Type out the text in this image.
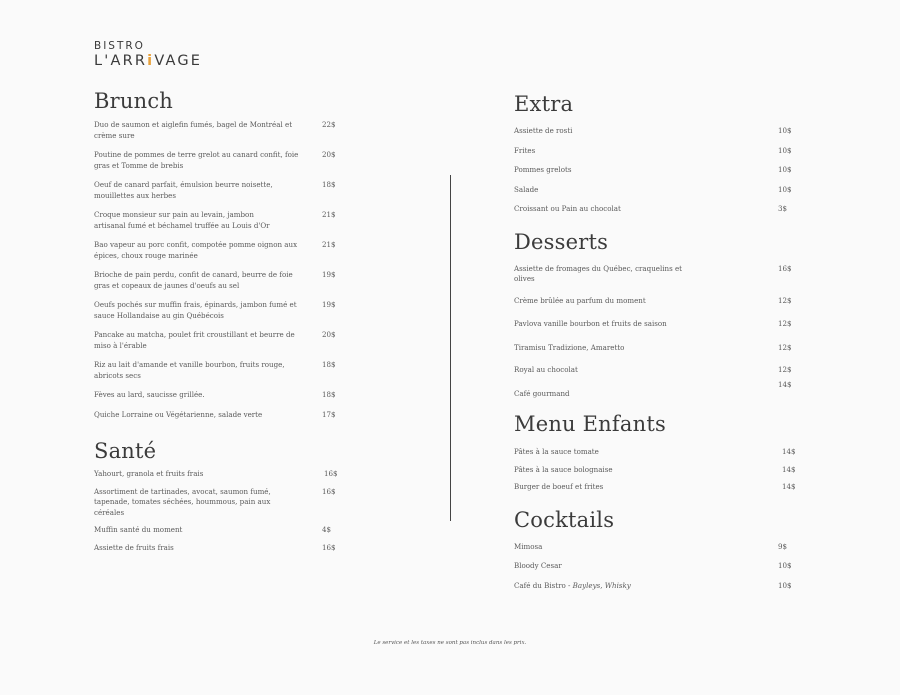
BISTRO
L'ARRiVAGE
Brunch
Duo de saumon et aiglefin fumés, bagel de Montréal et crème sure
22$
Poutine de pommes de terre grelot au canard confit, foie gras et Tomme de brebis
20$
Oeuf de canard parfait, émulsion beurre noisette, mouillettes aux herbes
18$
Croque monsieur sur pain au levain, jambon artisanal fumé et béchamel truffée au Louis d'Or
21$
Bao vapeur au porc confit, compotée pomme oignon aux épices, choux rouge marinée
21$
Brioche de pain perdu, confit de canard, beurre de foie gras et copeaux de jaunes d'oeufs au sel
19$
Oeufs pochés sur muffin frais, épinards, jambon fumé et sauce Hollandaise au gin Québécois
19$
Pancake au matcha, poulet frit croustillant et beurre de miso à l'érable
20$
Riz au lait d'amande et vanille bourbon, fruits rouge, abricots secs
18$
Fèves au lard, saucisse grillée.	18$
Quiche Lorraine ou Végétarienne, salade verte	17$
Santé
Yahourt, granola et fruits frais	16$
Assortiment de tartinades, avocat, saumon fumé, tapenade, tomates séchées, hoummous, pain aux céréales
16$
Muffin santé du moment	4$
Assiette de fruits frais	16$
Extra
Assiette de rosti	10$
Frites	10$
Pommes grelots	10$
Salade	10$
Croissant ou Pain au chocolat	3$
Desserts
Assiette de fromages du Québec, craquelins et olives
16$
Crème brûlée au parfum du moment	12$
Pavlova vanille bourbon et fruits de saison	12$
Tiramisu Tradizione, Amaretto	12$
Royal au chocolat	12$
Café gourmand
14$
Menu Enfants
Pâtes à la sauce tomate	14$
Pâtes à la sauce bolognaise	14$
Burger de boeuf et frites	14$
Cocktails
Mimosa	9$
Bloody Cesar	10$
Café du Bistro - Bayleys, Whisky	10$
Le service et les taxes ne sont pas inclus dans les prix.
